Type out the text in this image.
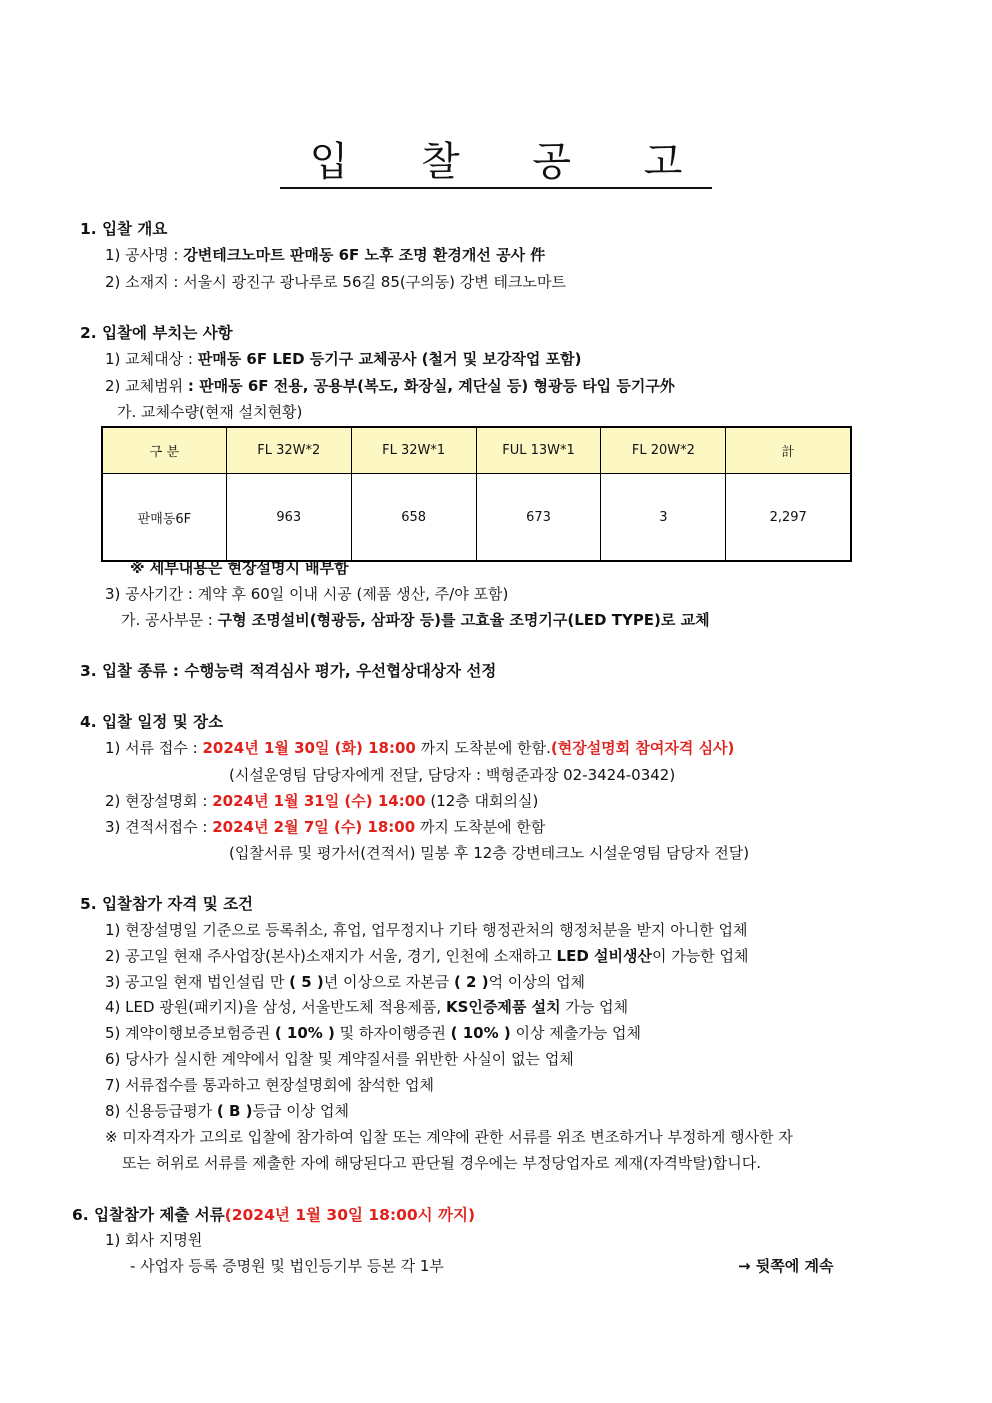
입 찰 공 고
1. 입찰 개요
1) 공사명 : 강변테크노마트 판매동 6F 노후 조명 환경개선 공사 件
2) 소재지 : 서울시 광진구 광나루로 56길 85(구의동) 강변 테크노마트
2. 입찰에 부치는 사항
1) 교체대상 : 판매동 6F LED 등기구 교체공사 (철거 및 보강작업 포함)
2) 교체범위 : 판매동 6F 전용, 공용부(복도, 화장실, 계단실 등) 형광등 타입 등기구外
가. 교체수량(현재 설치현황)
구 분	FL 32W*2	FL 32W*1	FUL 13W*1	FL 20W*2	計
판매동6F	963	658	673	3	2,297
※ 세부내용은 현장설명시 배부함
3) 공사기간 : 계약 후 60일 이내 시공 (제품 생산, 주/야 포함)
가. 공사부문 : 구형 조명설비(형광등, 삼파장 등)를 고효율 조명기구(LED TYPE)로 교체
3. 입찰 종류 : 수행능력 적격심사 평가, 우선협상대상자 선정
4. 입찰 일정 및 장소
1) 서류 접수 : 2024년 1월 30일 (화) 18:00 까지 도착분에 한함.(현장설명회 참여자격 심사)
(시설운영팀 담당자에게 전달, 담당자 : 백형준과장 02-3424-0342)
2) 현장설명회 : 2024년 1월 31일 (수) 14:00 (12층 대회의실)
3) 견적서접수 : 2024년 2월 7일 (수) 18:00 까지 도착분에 한함
(입찰서류 및 평가서(견적서) 밀봉 후 12층 강변테크노 시설운영팀 담당자 전달)
5. 입찰참가 자격 및 조건
1) 현장설명일 기준으로 등록취소, 휴업, 업무정지나 기타 행정관처의 행정처분을 받지 아니한 업체
2) 공고일 현재 주사업장(본사)소재지가 서울, 경기, 인천에 소재하고 LED 설비생산이 가능한 업체
3) 공고일 현재 법인설립 만 ( 5 )년 이상으로 자본금 ( 2 )억 이상의 업체
4) LED 광원(패키지)을 삼성, 서울반도체 적용제품, KS인증제품 설치 가능 업체
5) 계약이행보증보험증권 ( 10% ) 및 하자이행증권 ( 10% ) 이상 제출가능 업체
6) 당사가 실시한 계약에서 입찰 및 계약질서를 위반한 사실이 없는 업체
7) 서류접수를 통과하고 현장설명회에 참석한 업체
8) 신용등급평가 ( B )등급 이상 업체
※ 미자격자가 고의로 입찰에 참가하여 입찰 또는 계약에 관한 서류를 위조 변조하거나 부정하게 행사한 자
또는 허위로 서류를 제출한 자에 해당된다고 판단될 경우에는 부정당업자로 제재(자격박탈)합니다.
6. 입찰참가 제출 서류(2024년 1월 30일 18:00시 까지)
1) 회사 지명원
- 사업자 등록 증명원 및 법인등기부 등본 각 1부	→ 뒷쪽에 계속
